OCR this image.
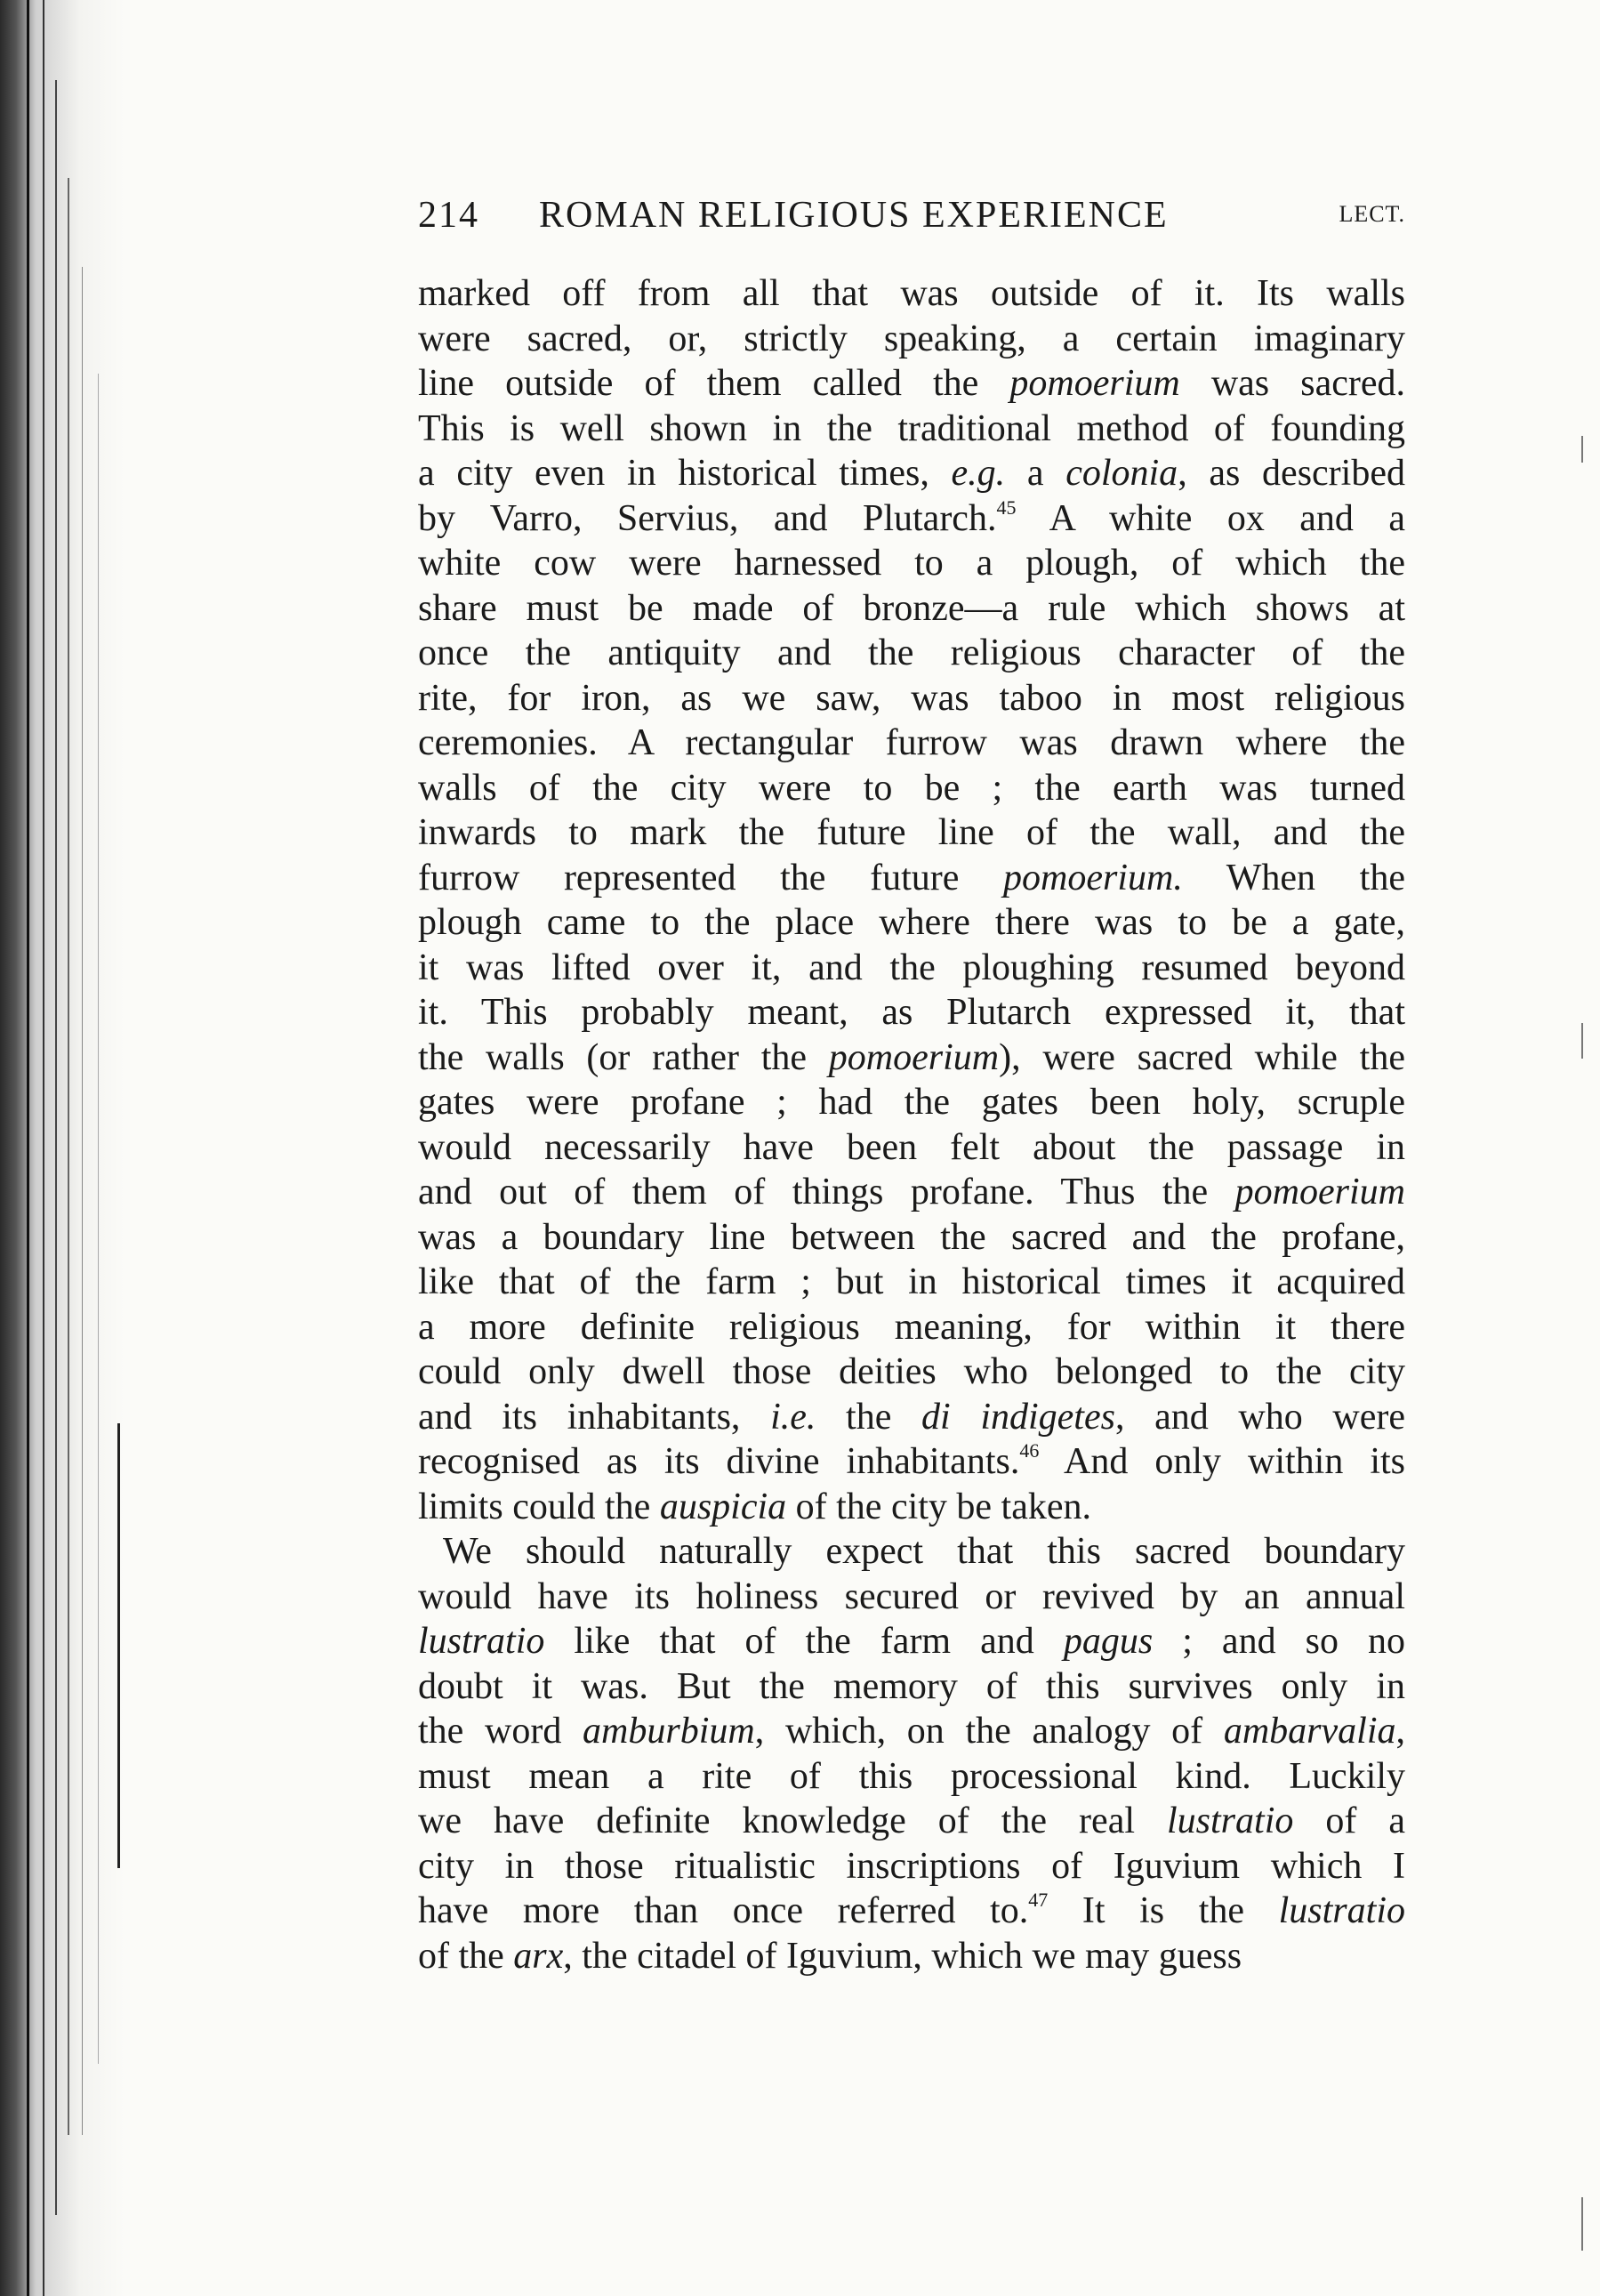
214 ROMAN RELIGIOUS EXPERIENCE	LECT.
marked off from all that was outside of it. Its walls
were sacred, or, strictly speaking, a certain imaginary
line outside of them called the pomoerium was sacred.
This is well shown in the traditional method of founding
a city even in historical times, e.g. a colonia, as described
by Varro, Servius, and Plutarch.$^{45}$ A white ox and a
white cow were harnessed to a plough, of which the
share must be made of bronze—a rule which shows at
once the antiquity and the religious character of the
rite, for iron, as we saw, was taboo in most religious
ceremonies. A rectangular furrow was drawn where the
walls of the city were to be ; the earth was turned
inwards to mark the future line of the wall, and the
furrow represented the future pomoerium. When the
plough came to the place where there was to be a gate,
it was lifted over it, and the ploughing resumed beyond
it. This probably meant, as Plutarch expressed it, that
the walls (or rather the pomoerium), were sacred while the
gates were profane ; had the gates been holy, scruple
would necessarily have been felt about the passage in
and out of them of things profane. Thus the pomoerium
was a boundary line between the sacred and the profane,
like that of the farm ; but in historical times it acquired
a more definite religious meaning, for within it there
could only dwell those deities who belonged to the city
and its inhabitants, i.e. the di indigetes, and who were
recognised as its divine inhabitants.$^{46}$ And only within its
limits could the auspicia of the city be taken.
We should naturally expect that this sacred boundary
would have its holiness secured or revived by an annual
lustratio like that of the farm and pagus ; and so no
doubt it was. But the memory of this survives only in
the word amburbium, which, on the analogy of ambarvalia,
must mean a rite of this processional kind. Luckily
we have definite knowledge of the real lustratio of a
city in those ritualistic inscriptions of Iguvium which I
have more than once referred to.$^{47}$ It is the lustratio
of the arx, the citadel of Iguvium, which we may guess
